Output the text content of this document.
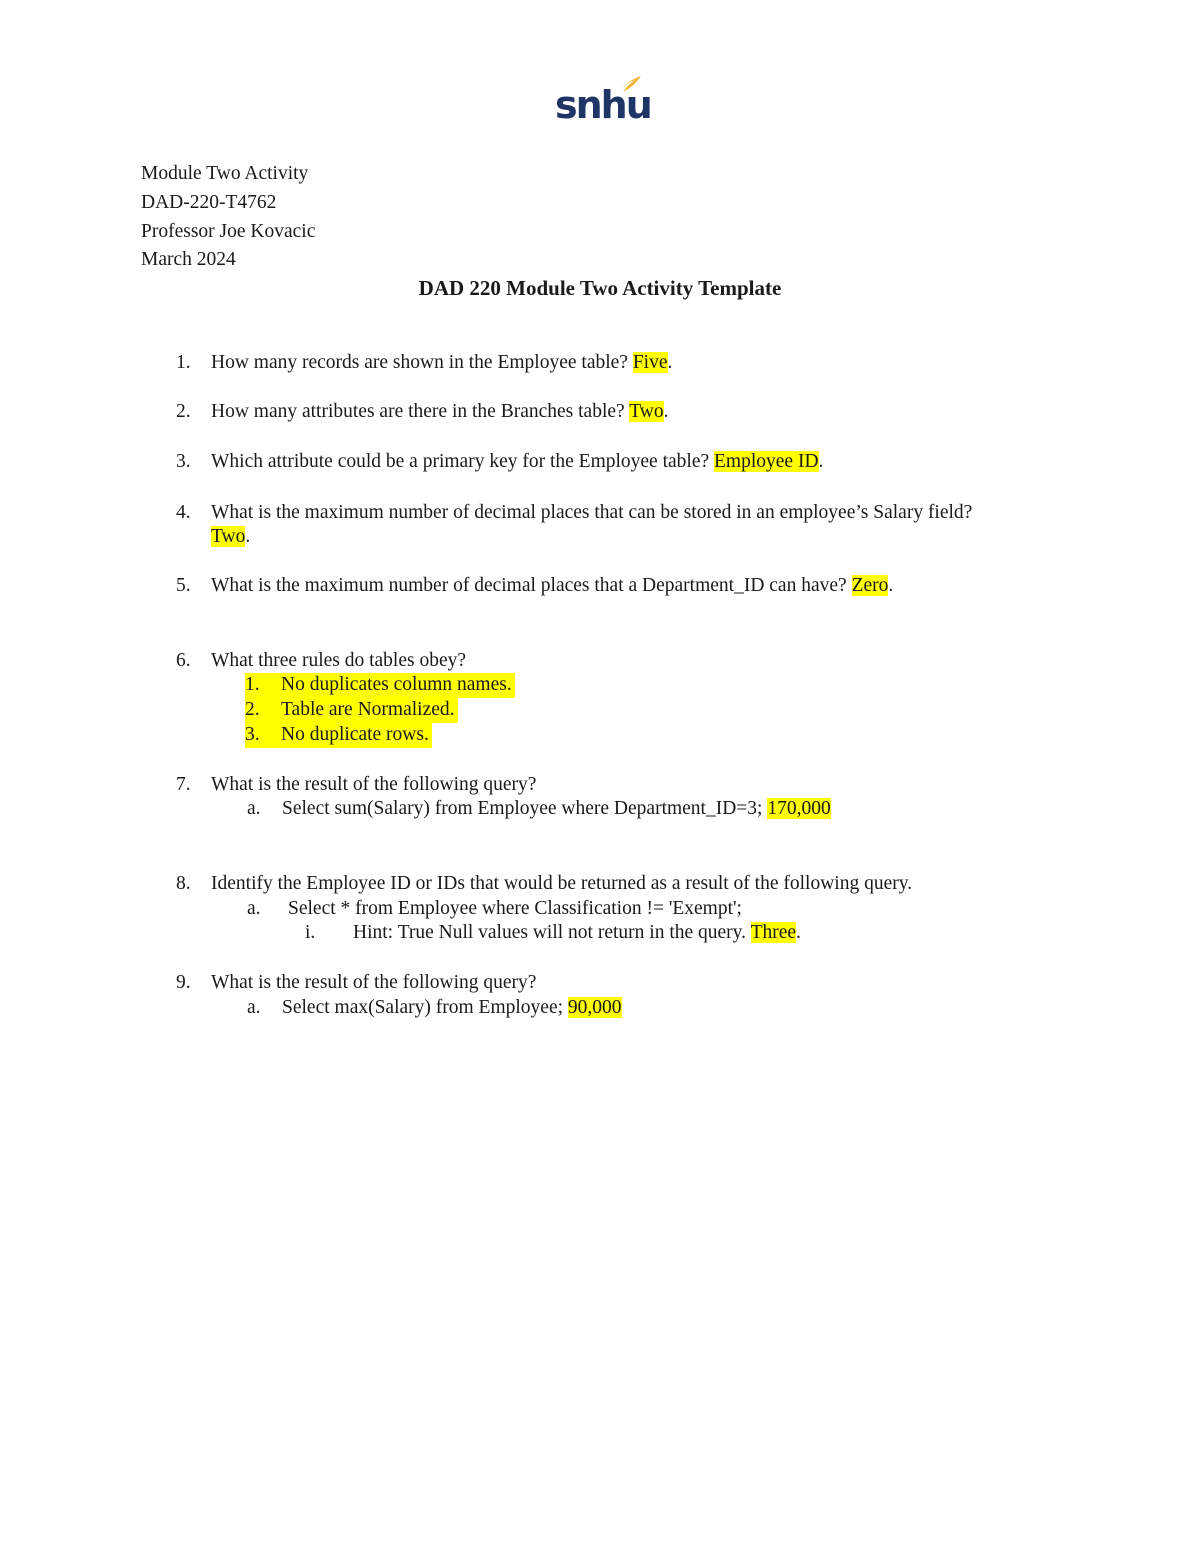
snhu
Module Two Activity
DAD-220-T4762
Professor Joe Kovacic
March 2024
DAD 220 Module Two Activity Template
1. How many records are shown in the Employee table? Five.
2. How many attributes are there in the Branches table? Two.
3. Which attribute could be a primary key for the Employee table? Employee ID.
4. What is the maximum number of decimal places that can be stored in an employee’s Salary field?
Two.
5. What is the maximum number of decimal places that a Department_ID can have? Zero.
6. What three rules do tables obey?
1. No duplicates column names.
2. Table are Normalized.
3. No duplicate rows.
7. What is the result of the following query?
a. Select sum(Salary) from Employee where Department_ID=3; 170,000
8. Identify the Employee ID or IDs that would be returned as a result of the following query.
a. Select * from Employee where Classification != 'Exempt';
i. Hint: True Null values will not return in the query. Three.
9. What is the result of the following query?
a. Select max(Salary) from Employee; 90,000
